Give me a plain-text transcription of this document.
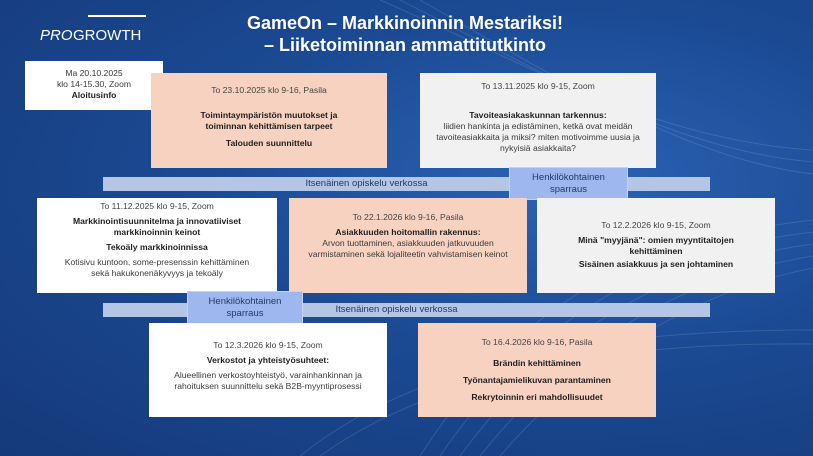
PRO GROWTH
GameOn – Markkinoinnin Mestariksi!
– Liiketoiminnan ammattitutkinto
Ma 20.10.2025
klo 14-15.30, Zoom
Aloitusinfo	To 23.10.2025 klo 9-16, Pasila
Toimintaympäristön muutokset ja toiminnan kehittämisen tarpeet
Talouden suunnittelu
To 13.11.2025 klo 9-15, Zoom
Tavoiteasiakaskunnan tarkennus:
liidien hankinta ja edistäminen, ketkä ovat meidän tavoiteasiakkaita ja miksi? miten motivoimme uusia ja nykyisiä asiakkaita?
Itsenäinen opiskelu verkossa
Henkilökohtainen sparraus
To 11.12.2025 klo 9-15, Zoom
Markkinointisuunnitelma ja innovatiiviset markkinoinnin keinot
Tekoäly markkinoinnissa
Kotisivu kuntoon, some-presenssin kehittäminen sekä hakukonenäkyvyys ja tekoäly
To 22.1.2026 klo 9-16, Pasila
Asiakkuuden hoitomallin rakennus:
Arvon tuottaminen, asiakkuuden jatkuvuuden varmistaminen sekä lojaliteetin vahvistamisen keinot
To 12.2.2026 klo 9-15, Zoom
Minä "myyjänä": omien myyntitaitojen kehittäminen
Sisäinen asiakkuus ja sen johtaminen
Itsenäinen opiskelu verkossa
Henkilökohtainen sparraus
To 12.3.2026 klo 9-15, Zoom
Verkostot ja yhteistyösuhteet:
Alueellinen verkostoyhteistyö, varainhankinnan ja rahoituksen suunnittelu sekä B2B-myyntiprosessi
To 16.4.2026 klo 9-16, Pasila
Brändin kehittäminen
Työnantajamielikuvan parantaminen
Rekrytoinnin eri mahdollisuudet
